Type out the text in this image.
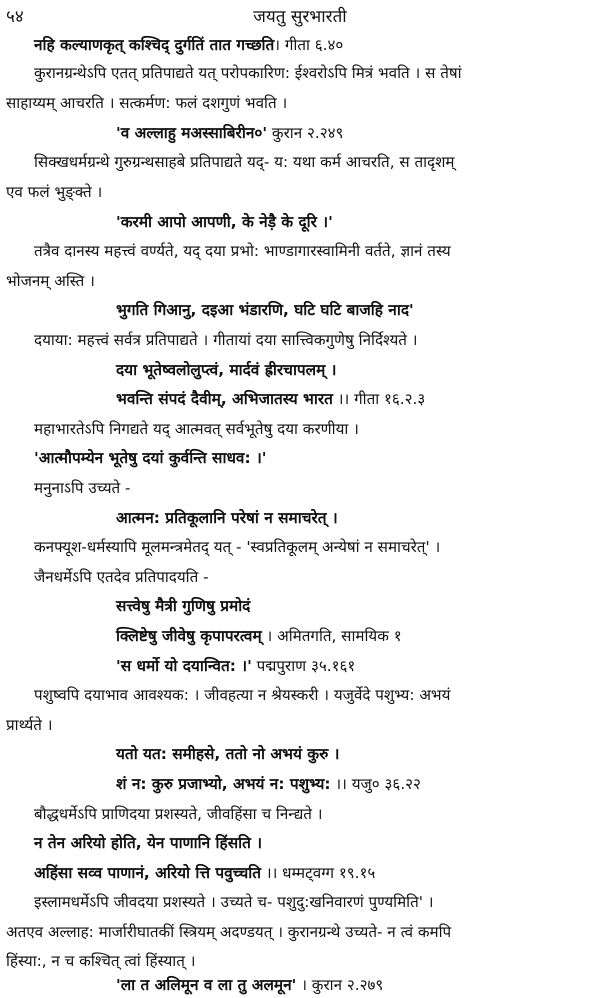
५४	जयतु सुरभारती
नहि कल्याणकृत् कश्चिद् दुर्गतिं तात गच्छति। गीता ६.४०
कुरानग्रन्थेऽपि एतत् प्रतिपाद्यते यत् परोपकारिण: ईश्वरोऽपि मित्रं भवति । स तेषां
साहाय्यम् आचरति । सत्कर्मण: फलं दशगुणं भवति ।
'व अल्लाहु मअस्साबिरीन०' कुरान २.२४९
सिक्खधर्मग्रन्थे गुरुग्रन्थसाहबे प्रतिपाद्यते यद्- य: यथा कर्म आचरति, स तादृशम्
एव फलं भुङ्क्ते ।
'करमी आपो आपणी, के नेड़ै के दूरि ।'
तत्रैव दानस्य महत्त्वं वर्ण्यते, यद् दया प्रभो: भाण्डागारस्वामिनी वर्तते, ज्ञानं तस्य
भोजनम् अस्ति ।
भुगति गिआनु, दइआ भंडारणि, घटि घटि बाजहि नाद'
दयाया: महत्त्वं सर्वत्र प्रतिपाद्यते । गीतायां दया सात्त्विकगुणेषु निर्दिश्यते ।
दया भूतेष्वलोलुप्त्वं, मार्दवं ह्रीरचापलम् ।
भवन्ति संपदं दैवीम्, अभिजातस्य भारत ।। गीता १६.२.३
महाभारतेऽपि निगद्यते यद् आत्मवत् सर्वभूतेषु दया करणीया ।
'आत्मौपम्येन भूतेषु दयां कुर्वन्ति साधव: ।'
मनुनाऽपि उच्यते -
आत्मन: प्रतिकूलानि परेषां न समाचरेत् ।
कनफ्यूश-धर्मस्यापि मूलमन्त्रमेतद् यत् - 'स्वप्रतिकूलम् अन्येषां न समाचरेत्' ।
जैनधर्मेऽपि एतदेव प्रतिपादयति -
सत्त्वेषु मैत्री गुणिषु प्रमोदं
क्लिष्टेषु जीवेषु कृपापरत्वम् । अमितगति, सामयिक १
'स धर्मो यो दयान्वित: ।' पद्मपुराण ३५.१६१
पशुष्वपि दयाभाव आवश्यक: । जीवहत्या न श्रेयस्करी । यजुर्वेदे पशुभ्य: अभयं
प्रार्थ्यते ।
यतो यत: समीहसे, ततो नो अभयं कुरु ।
शं न: कुरु प्रजाभ्यो, अभयं न: पशुभ्य: ।। यजु० ३६.२२
बौद्धधर्मेऽपि प्राणिदया प्रशस्यते, जीवहिंसा च निन्द्यते ।
न तेन अरियो होति, येन पाणानि हिंसति ।
अहिंसा सव्व पाणानं, अरियो त्ति पवुच्चति ।। धम्मट्वग्ग १९.१५
इस्लामधर्मेऽपि जीवदया प्रशस्यते । उच्यते च- पशुदु:खनिवारणं पुण्यमिति' ।
अतएव अल्लाह: मार्जारीघातकीं स्त्रियम् अदण्डयत् । कुरानग्रन्थे उच्यते- न त्वं कमपि
हिंस्या:, न च कश्चित् त्वां हिंस्यात् ।
'ला त अलिमून व ला तु अलमून' । कुरान २.२७९
